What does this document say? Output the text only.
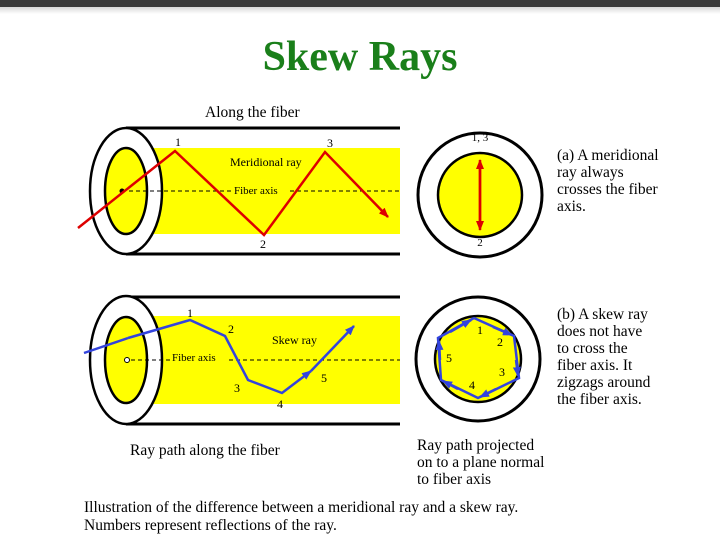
Skew Rays
Fiber axis
Meridional ray
1
2
3
Along the fiber
1, 3
2
Fiber axis
Skew ray
1
2
3
4
5
1
2
3
4
5
(a) A meridional
ray always
crosses the fiber
axis.
(b) A skew ray
does not have
to cross the
fiber axis. It
zigzags around
the fiber axis.
Ray path along the fiber	Ray path projected
on to a plane normal
to fiber axis
Illustration of the difference between a meridional ray and a skew ray.
Numbers represent reflections of the ray.
